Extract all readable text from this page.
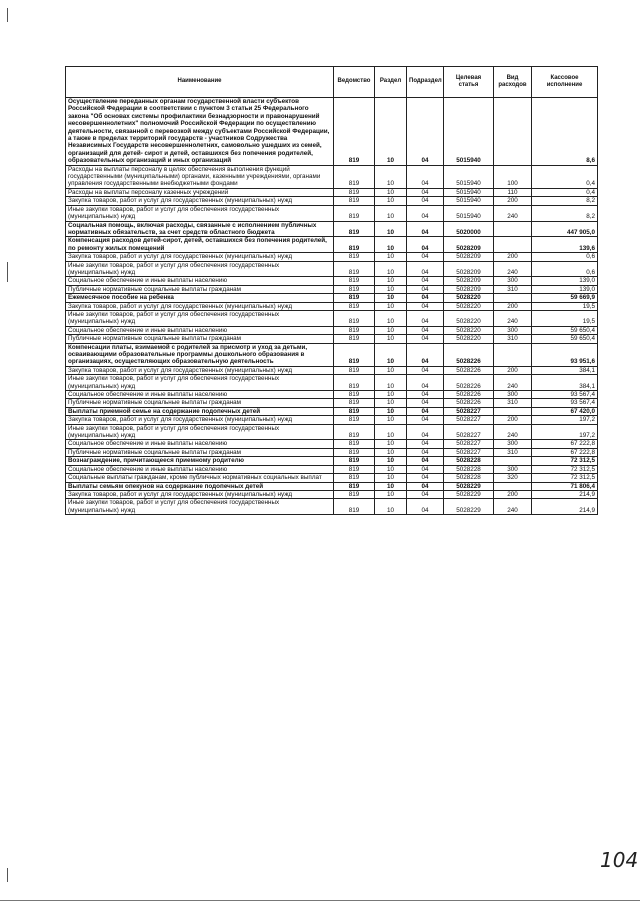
Наименование	Ведомство	Раздел	Подраздел	Целевая статья	Вид расходов	Кассовое исполнение
Осуществление переданных органам государственной власти субъектов Российской Федерации в соответствии с пунктом 3 статьи 25 Федерального закона "Об основах системы профилактики безнадзорности и правонарушений несовершеннолетних" полномочий Российской Федерации по осуществлению деятельности, связанной с перевозкой между субъектами Российской Федерации, а также в пределах территорий государств - участников Содружества Независимых Государств несовершеннолетних, самовольно ушедших из семей, организаций для детей- сирот и детей, оставшихся без попечения родителей, образовательных организаций и иных организаций	819	10	04	5015940		8,6
Расходы на выплаты персоналу в целях обеспечения выполнения функций государственными (муниципальными) органами, казенными учреждениями, органами управления государственными внебюджетными фондами	819	10	04	5015940	100	0,4
Расходы на выплаты персоналу казенных учреждений	819	10	04	5015940	110	0,4
Закупка товаров, работ и услуг для государственных (муниципальных) нужд	819	10	04	5015940	200	8,2
Иные закупки товаров, работ и услуг для обеспечения государственных (муниципальных) нужд	819	10	04	5015940	240	8,2
Социальная помощь, включая расходы, связанные с исполнением публичных нормативных обязательств, за счет средств областного бюджета	819	10	04	5020000		447 905,0
Компенсация расходов детей-сирот, детей, оставшихся без попечения родителей, по ремонту жилых помещений	819	10	04	5028209		139,6
Закупка товаров, работ и услуг для государственных (муниципальных) нужд	819	10	04	5028209	200	0,6
Иные закупки товаров, работ и услуг для обеспечения государственных (муниципальных) нужд	819	10	04	5028209	240	0,6
Социальное обеспечение и иные выплаты населению	819	10	04	5028209	300	139,0
Публичные нормативные социальные выплаты гражданам	819	10	04	5028209	310	139,0
Ежемесячное пособие на ребенка	819	10	04	5028220		59 669,9
Закупка товаров, работ и услуг для государственных (муниципальных) нужд	819	10	04	5028220	200	19,5
Иные закупки товаров, работ и услуг для обеспечения государственных (муниципальных) нужд	819	10	04	5028220	240	19,5
Социальное обеспечение и иные выплаты населению	819	10	04	5028220	300	59 650,4
Публичные нормативные социальные выплаты гражданам	819	10	04	5028220	310	59 650,4
Компенсации платы, взимаемой с родителей за присмотр и уход за детьми, осваивающими образовательные программы дошкольного образования в организациях, осуществляющих образовательную деятельность	819	10	04	5028226		93 951,6
Закупка товаров, работ и услуг для государственных (муниципальных) нужд	819	10	04	5028226	200	384,1
Иные закупки товаров, работ и услуг для обеспечения государственных (муниципальных) нужд	819	10	04	5028226	240	384,1
Социальное обеспечение и иные выплаты населению	819	10	04	5028226	300	93 567,4
Публичные нормативные социальные выплаты гражданам	819	10	04	5028226	310	93 567,4
Выплаты приемной семье на содержание подопечных детей	819	10	04	5028227		67 420,0
Закупка товаров, работ и услуг для государственных (муниципальных) нужд	819	10	04	5028227	200	197,2
Иные закупки товаров, работ и услуг для обеспечения государственных (муниципальных) нужд	819	10	04	5028227	240	197,2
Социальное обеспечение и иные выплаты населению	819	10	04	5028227	300	67 222,8
Публичные нормативные социальные выплаты гражданам	819	10	04	5028227	310	67 222,8
Вознаграждение, причитающееся приемному родителю	819	10	04	5028228		72 312,5
Социальное обеспечение и иные выплаты населению	819	10	04	5028228	300	72 312,5
Социальные выплаты гражданам, кроме публичных нормативных социальных выплат	819	10	04	5028228	320	72 312,5
Выплаты семьям опекунов на содержание подопечных детей	819	10	04	5028229		71 806,4
Закупка товаров, работ и услуг для государственных (муниципальных) нужд	819	10	04	5028229	200	214,9
Иные закупки товаров, работ и услуг для обеспечения государственных (муниципальных) нужд	819	10	04	5028229	240	214,9
104
